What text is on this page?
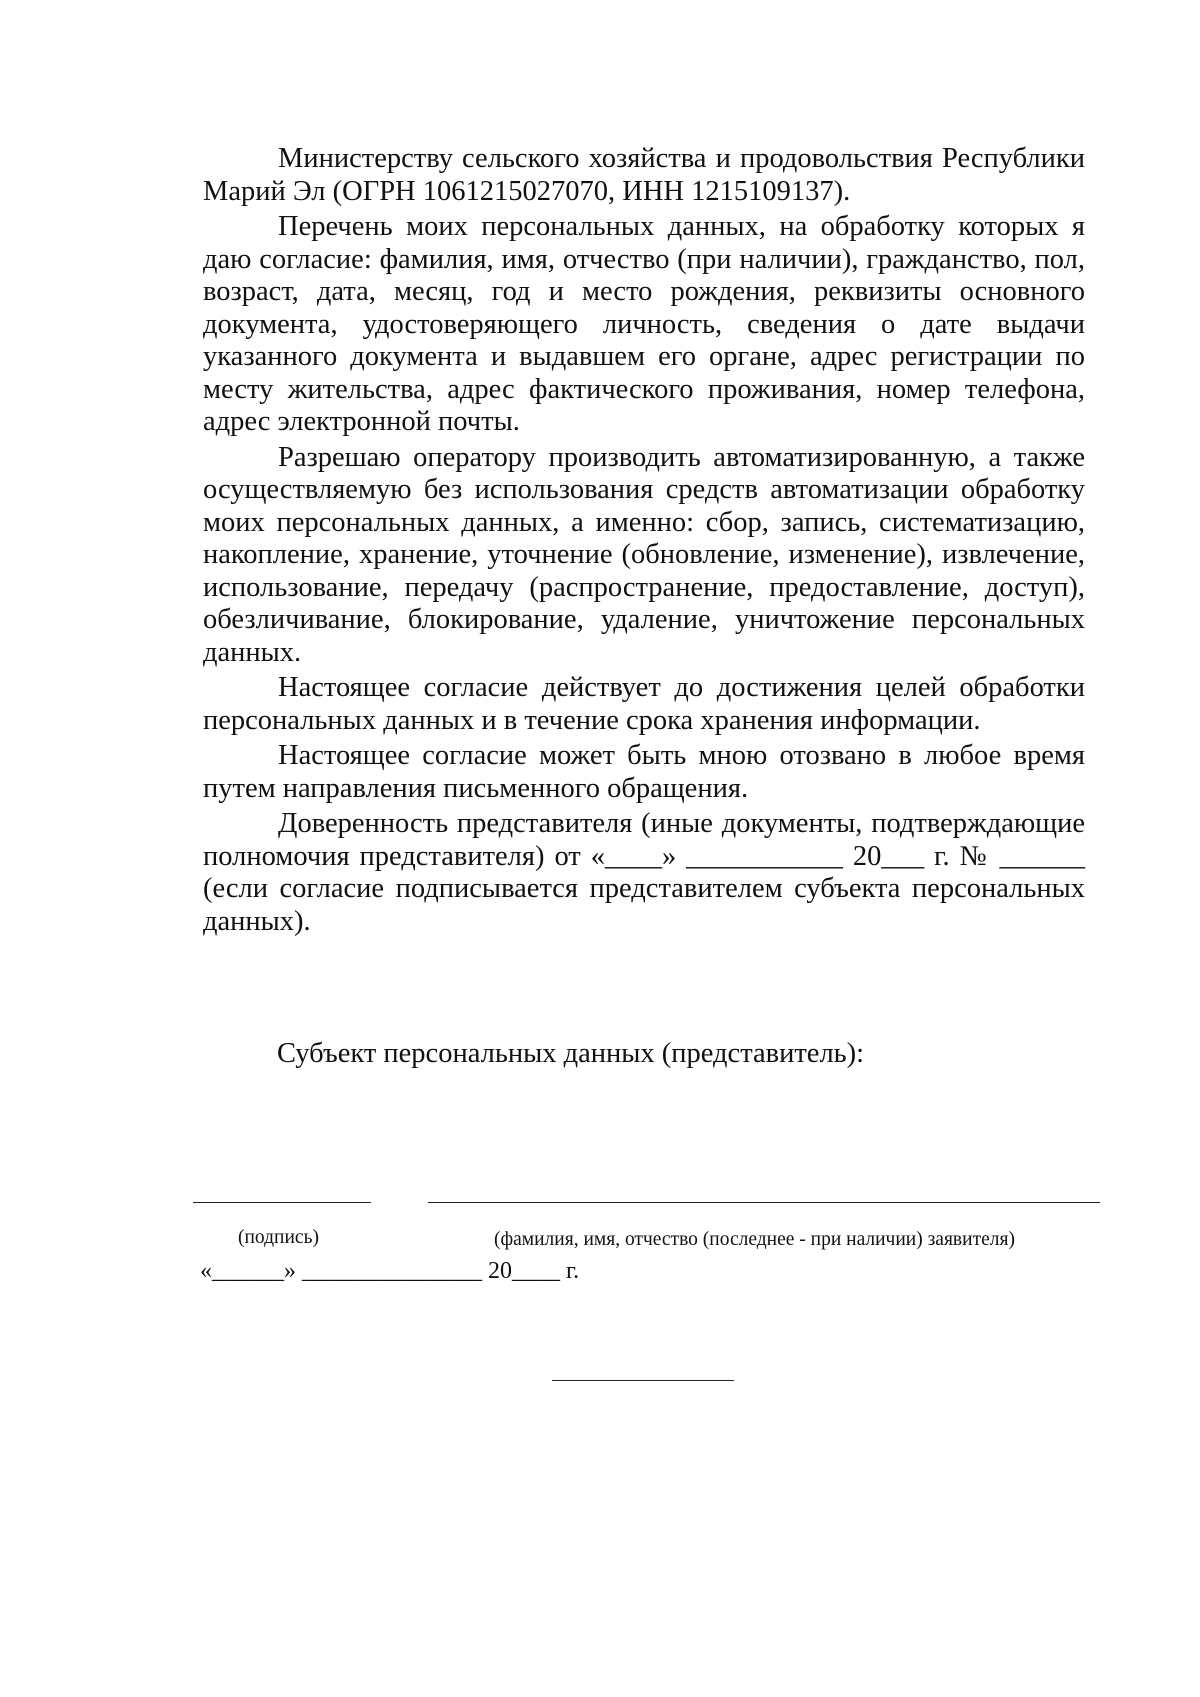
Министерству сельского хозяйства и продовольствия Республики Марий Эл (ОГРН 1061215027070, ИНН 1215109137).

Перечень моих персональных данных, на обработку которых я даю согласие: фамилия, имя, отчество (при наличии), гражданство, пол, возраст, дата, месяц, год и место рождения, реквизиты основного документа, удостоверяющего личность, сведения о дате выдачи указанного документа и выдавшем его органе, адрес регистрации по месту жительства, адрес фактического проживания, номер телефона, адрес электронной почты.

Разрешаю оператору производить автоматизированную, а также осуществляемую без использования средств автоматизации обработку моих персональных данных, а именно: сбор, запись, систематизацию, накопление, хранение, уточнение (обновление, изменение), извлечение, использование, передачу (распространение, предоставление, доступ), обезличивание, блокирование, удаление, уничтожение персональных данных.

Настоящее согласие действует до достижения целей обработки персональных данных и в течение срока хранения информации.

Настоящее согласие может быть мною отозвано в любое время путем направления письменного обращения.

Доверенность представителя (иные документы, подтверждающие полномочия представителя) от «____» ___________ 20___ г. № ______ (если согласие подписывается представителем субъекта персональных данных).

Субъект персональных данных (представитель):
(подпись)	(фамилия, имя, отчество (последнее - при наличии) заявителя)
«______» _______________ 20____ г.
